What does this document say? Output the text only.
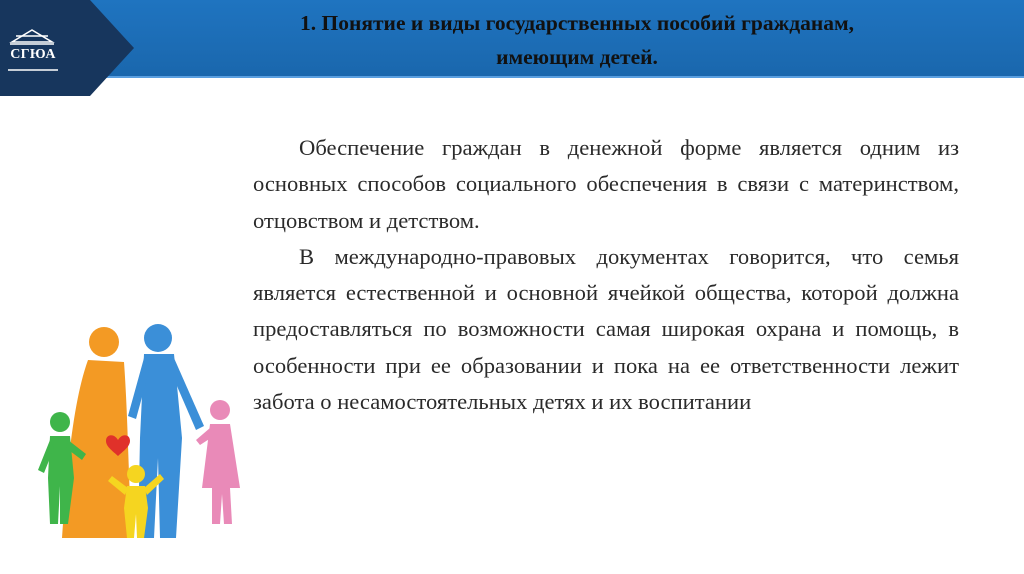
СГЮА
1. Понятие и виды государственных пособий гражданам,
имеющим детей.

Обеспечение граждан в денежной форме является одним из основных способов социального обеспечения в связи с материнством, отцовством и детством.

В международно-правовых документах говорится, что семья является естественной и основной ячейкой общества, которой должна предоставляться по возможности самая широкая охрана и помощь, в особенности при ее образовании и пока на ее ответственности лежит забота о несамостоятельных детях и их воспитании
